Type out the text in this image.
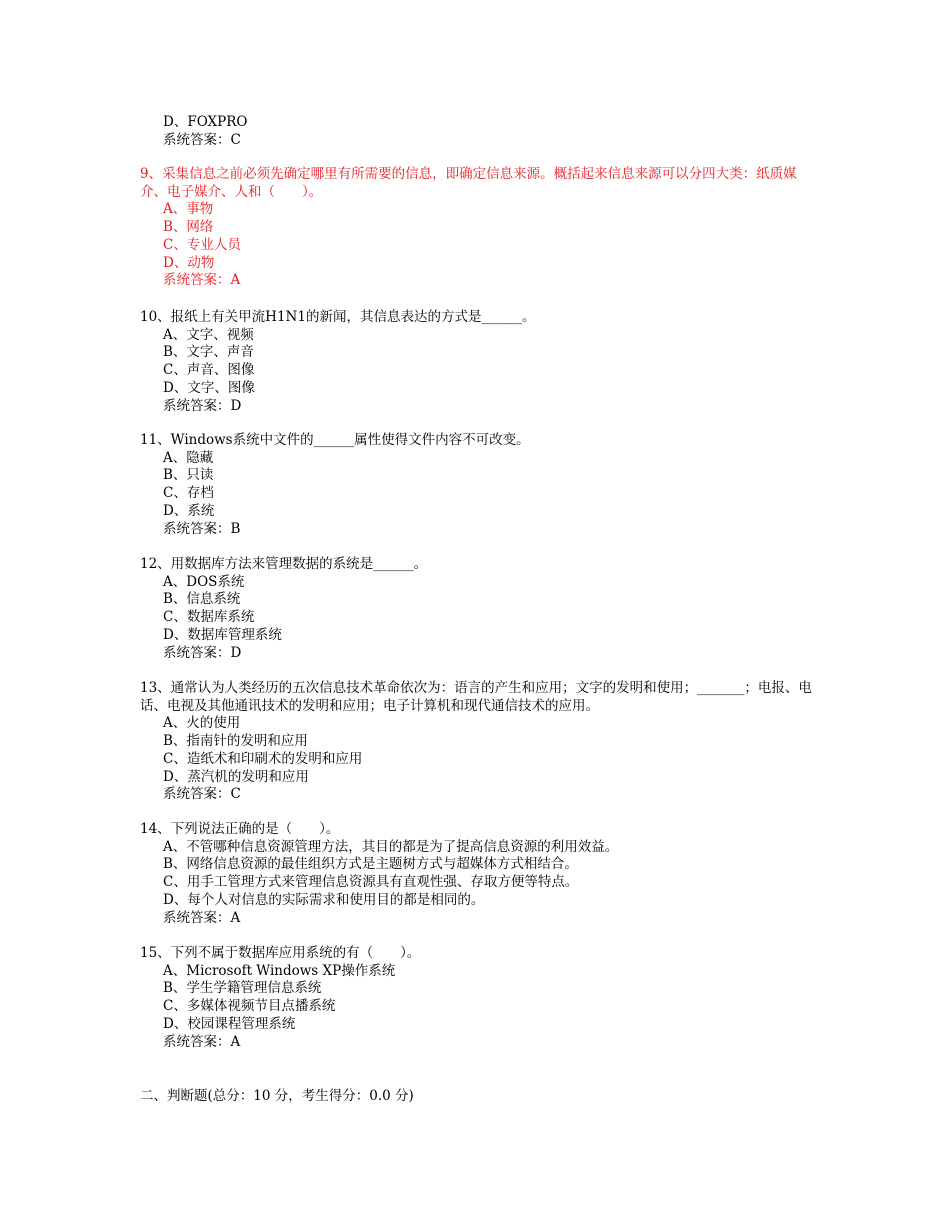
D、FOXPRO

系统答案：C

9、采集信息之前必须先确定哪里有所需要的信息，即确定信息来源。概括起来信息来源可以分四大类：纸质媒介、电子媒介、人和（　　）。

A、事物

B、网络

C、专业人员

D、动物

系统答案：A

10、报纸上有关甲流H1N1的新闻，其信息表达的方式是______。

A、文字、视频

B、文字、声音

C、声音、图像

D、文字、图像

系统答案：D

11、Windows系统中文件的______属性使得文件内容不可改变。

A、隐藏

B、只读

C、存档

D、系统

系统答案：B

12、用数据库方法来管理数据的系统是______。

A、DOS系统

B、信息系统

C、数据库系统

D、数据库管理系统

系统答案：D

13、通常认为人类经历的五次信息技术革命依次为：语言的产生和应用；文字的发明和使用；_______；电报、电话、电视及其他通讯技术的发明和应用；电子计算机和现代通信技术的应用。

A、火的使用

B、指南针的发明和应用

C、造纸术和印刷术的发明和应用

D、蒸汽机的发明和应用

系统答案：C

14、下列说法正确的是（　　）。

A、不管哪种信息资源管理方法，其目的都是为了提高信息资源的利用效益。

B、网络信息资源的最佳组织方式是主题树方式与超媒体方式相结合。

C、用手工管理方式来管理信息资源具有直观性强、存取方便等特点。

D、每个人对信息的实际需求和使用目的都是相同的。

系统答案：A

15、下列不属于数据库应用系统的有（　　）。

A、Microsoft Windows XP操作系统

B、学生学籍管理信息系统

C、多媒体视频节目点播系统

D、校园课程管理系统

系统答案：A

二、判断题(总分：10 分，考生得分：0.0 分)
